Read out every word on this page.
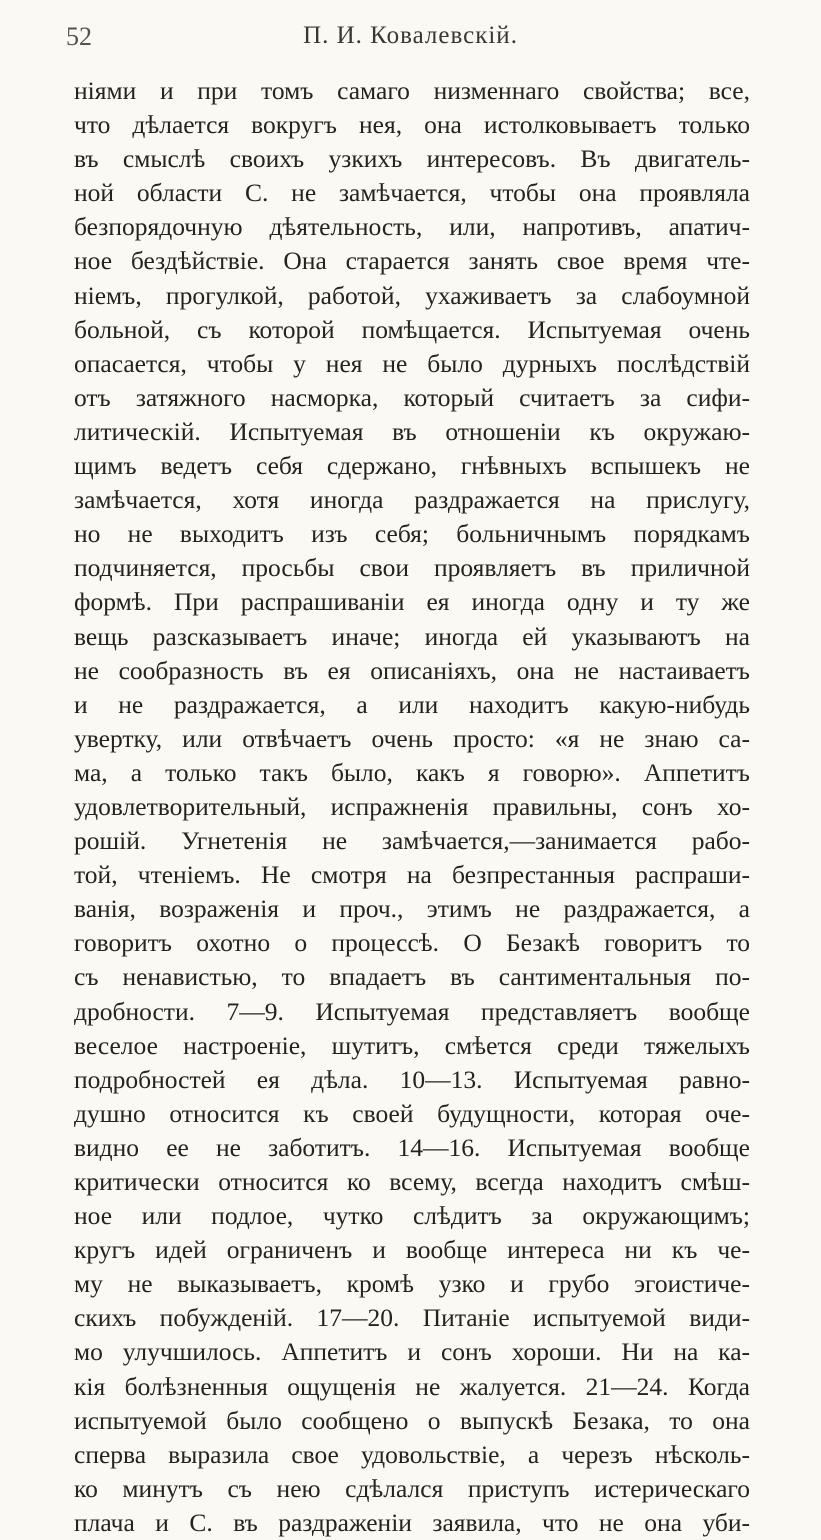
52	П. И. Ковалевскій.
ніями и при томъ самаго низменнаго свойства; все,
что дѣлается вокругъ нея, она истолковываетъ только
въ смыслѣ своихъ узкихъ интересовъ. Въ двигатель-
ной области С. не замѣчается, чтобы она проявляла
безпорядочную дѣятельность, или, напротивъ, апатич-
ное бездѣйствіе. Она старается занять свое время чте-
ніемъ, прогулкой, работой, ухаживаетъ за слабоумной
больной, съ которой помѣщается. Испытуемая очень
опасается, чтобы у нея не было дурныхъ послѣдствій
отъ затяжного насморка, который считаетъ за сифи-
литическій. Испытуемая въ отношеніи къ окружаю-
щимъ ведетъ себя сдержано, гнѣвныхъ вспышекъ не
замѣчается, хотя иногда раздражается на прислугу,
но не выходитъ изъ себя; больничнымъ порядкамъ
подчиняется, просьбы свои проявляетъ въ приличной
формѣ. При распрашиваніи ея иногда одну и ту же
вещь разсказываетъ иначе; иногда ей указываютъ на
не сообразность въ ея описаніяхъ, она не настаиваетъ
и не раздражается, а или находитъ какую-нибудь
увертку, или отвѣчаетъ очень просто: «я не знаю са-
ма, а только такъ было, какъ я говорю». Аппетитъ
удовлетворительный, испражненія правильны, сонъ хо-
рошій. Угнетенія не замѣчается,—занимается рабо-
той, чтеніемъ. Не смотря на безпрестанныя распраши-
ванія, возраженія и проч., этимъ не раздражается, а
говоритъ охотно о процессѣ. О Безакѣ говоритъ то
съ ненавистью, то впадаетъ въ сантиментальныя по-
дробности. 7—9. Испытуемая представляетъ вообще
веселое настроеніе, шутитъ, смѣется среди тяжелыхъ
подробностей ея дѣла. 10—13. Испытуемая равно-
душно относится къ своей будущности, которая оче-
видно ее не заботитъ. 14—16. Испытуемая вообще
критически относится ко всему, всегда находитъ смѣш-
ное или подлое, чутко слѣдитъ за окружающимъ;
кругъ идей ограниченъ и вообще интереса ни къ че-
му не выказываетъ, кромѣ узко и грубо эгоистиче-
скихъ побужденій. 17—20. Питаніе испытуемой види-
мо улучшилось. Аппетитъ и сонъ хороши. Ни на ка-
кія болѣзненныя ощущенія не жалуется. 21—24. Когда
испытуемой было сообщено о выпускѣ Безака, то она
сперва выразила свое удовольствіе, а черезъ нѣсколь-
ко минутъ съ нею сдѣлался приступъ истерическаго
плача и С. въ раздраженіи заявила, что не она уби-
